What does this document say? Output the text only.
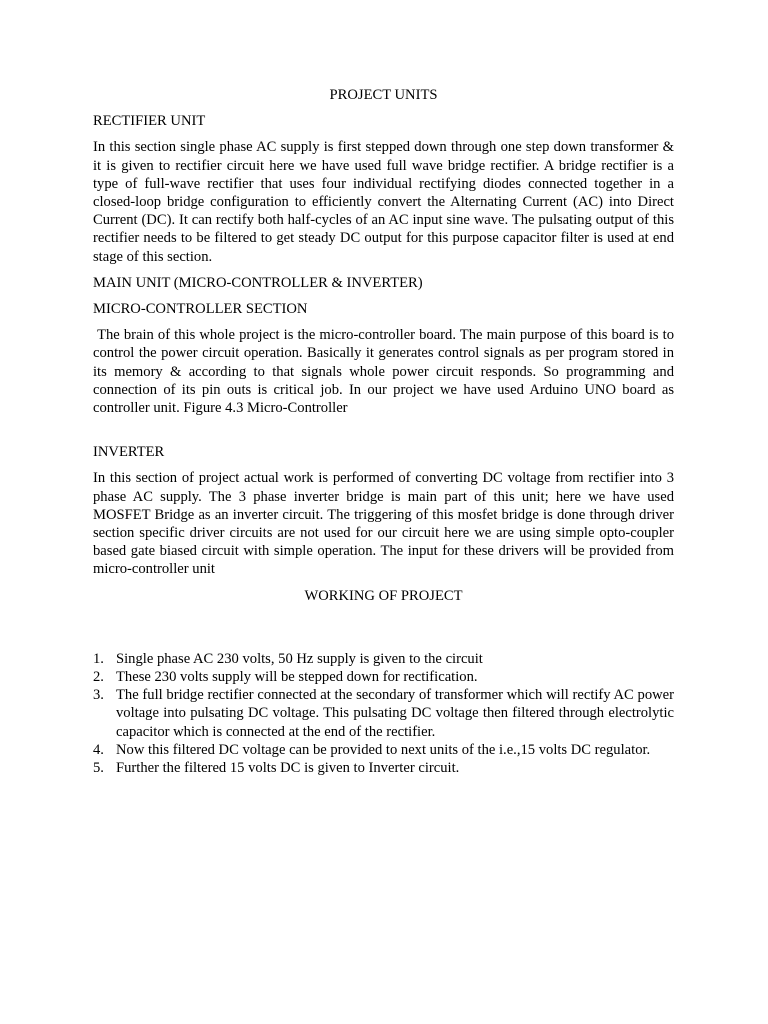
PROJECT UNITS
RECTIFIER UNIT

In this section single phase AC supply is first stepped down through one step down transformer & it is given to rectifier circuit here we have used full wave bridge rectifier. A bridge rectifier is a type of full-wave rectifier that uses four individual rectifying diodes connected together in a closed-loop bridge configuration to efficiently convert the Alternating Current (AC) into Direct Current (DC). It can rectify both half-cycles of an AC input sine wave. The pulsating output of this rectifier needs to be filtered to get steady DC output for this purpose capacitor filter is used at end stage of this section.

MAIN UNIT (MICRO-CONTROLLER & INVERTER)
MICRO-CONTROLLER SECTION

The brain of this whole project is the micro-controller board. The main purpose of this board is to control the power circuit operation. Basically it generates control signals as per program stored in its memory & according to that signals whole power circuit responds. So programming and connection of its pin outs is critical job. In our project we have used Arduino UNO board as controller unit. Figure 4.3 Micro-Controller

INVERTER

In this section of project actual work is performed of converting DC voltage from rectifier into 3 phase AC supply. The 3 phase inverter bridge is main part of this unit; here we have used MOSFET Bridge as an inverter circuit. The triggering of this mosfet bridge is done through driver section specific driver circuits are not used for our circuit here we are using simple opto-coupler based gate biased circuit with simple operation. The input for these drivers will be provided from micro-controller unit

WORKING OF PROJECT
1. Single phase AC 230 volts, 50 Hz supply is given to the circuit
2. These 230 volts supply will be stepped down for rectification.
3. The full bridge rectifier connected at the secondary of transformer which will rectify AC power voltage into pulsating DC voltage. This pulsating DC voltage then filtered through electrolytic capacitor which is connected at the end of the rectifier.
4. Now this filtered DC voltage can be provided to next units of the i.e.,15 volts DC regulator.
5. Further the filtered 15 volts DC is given to Inverter circuit.
